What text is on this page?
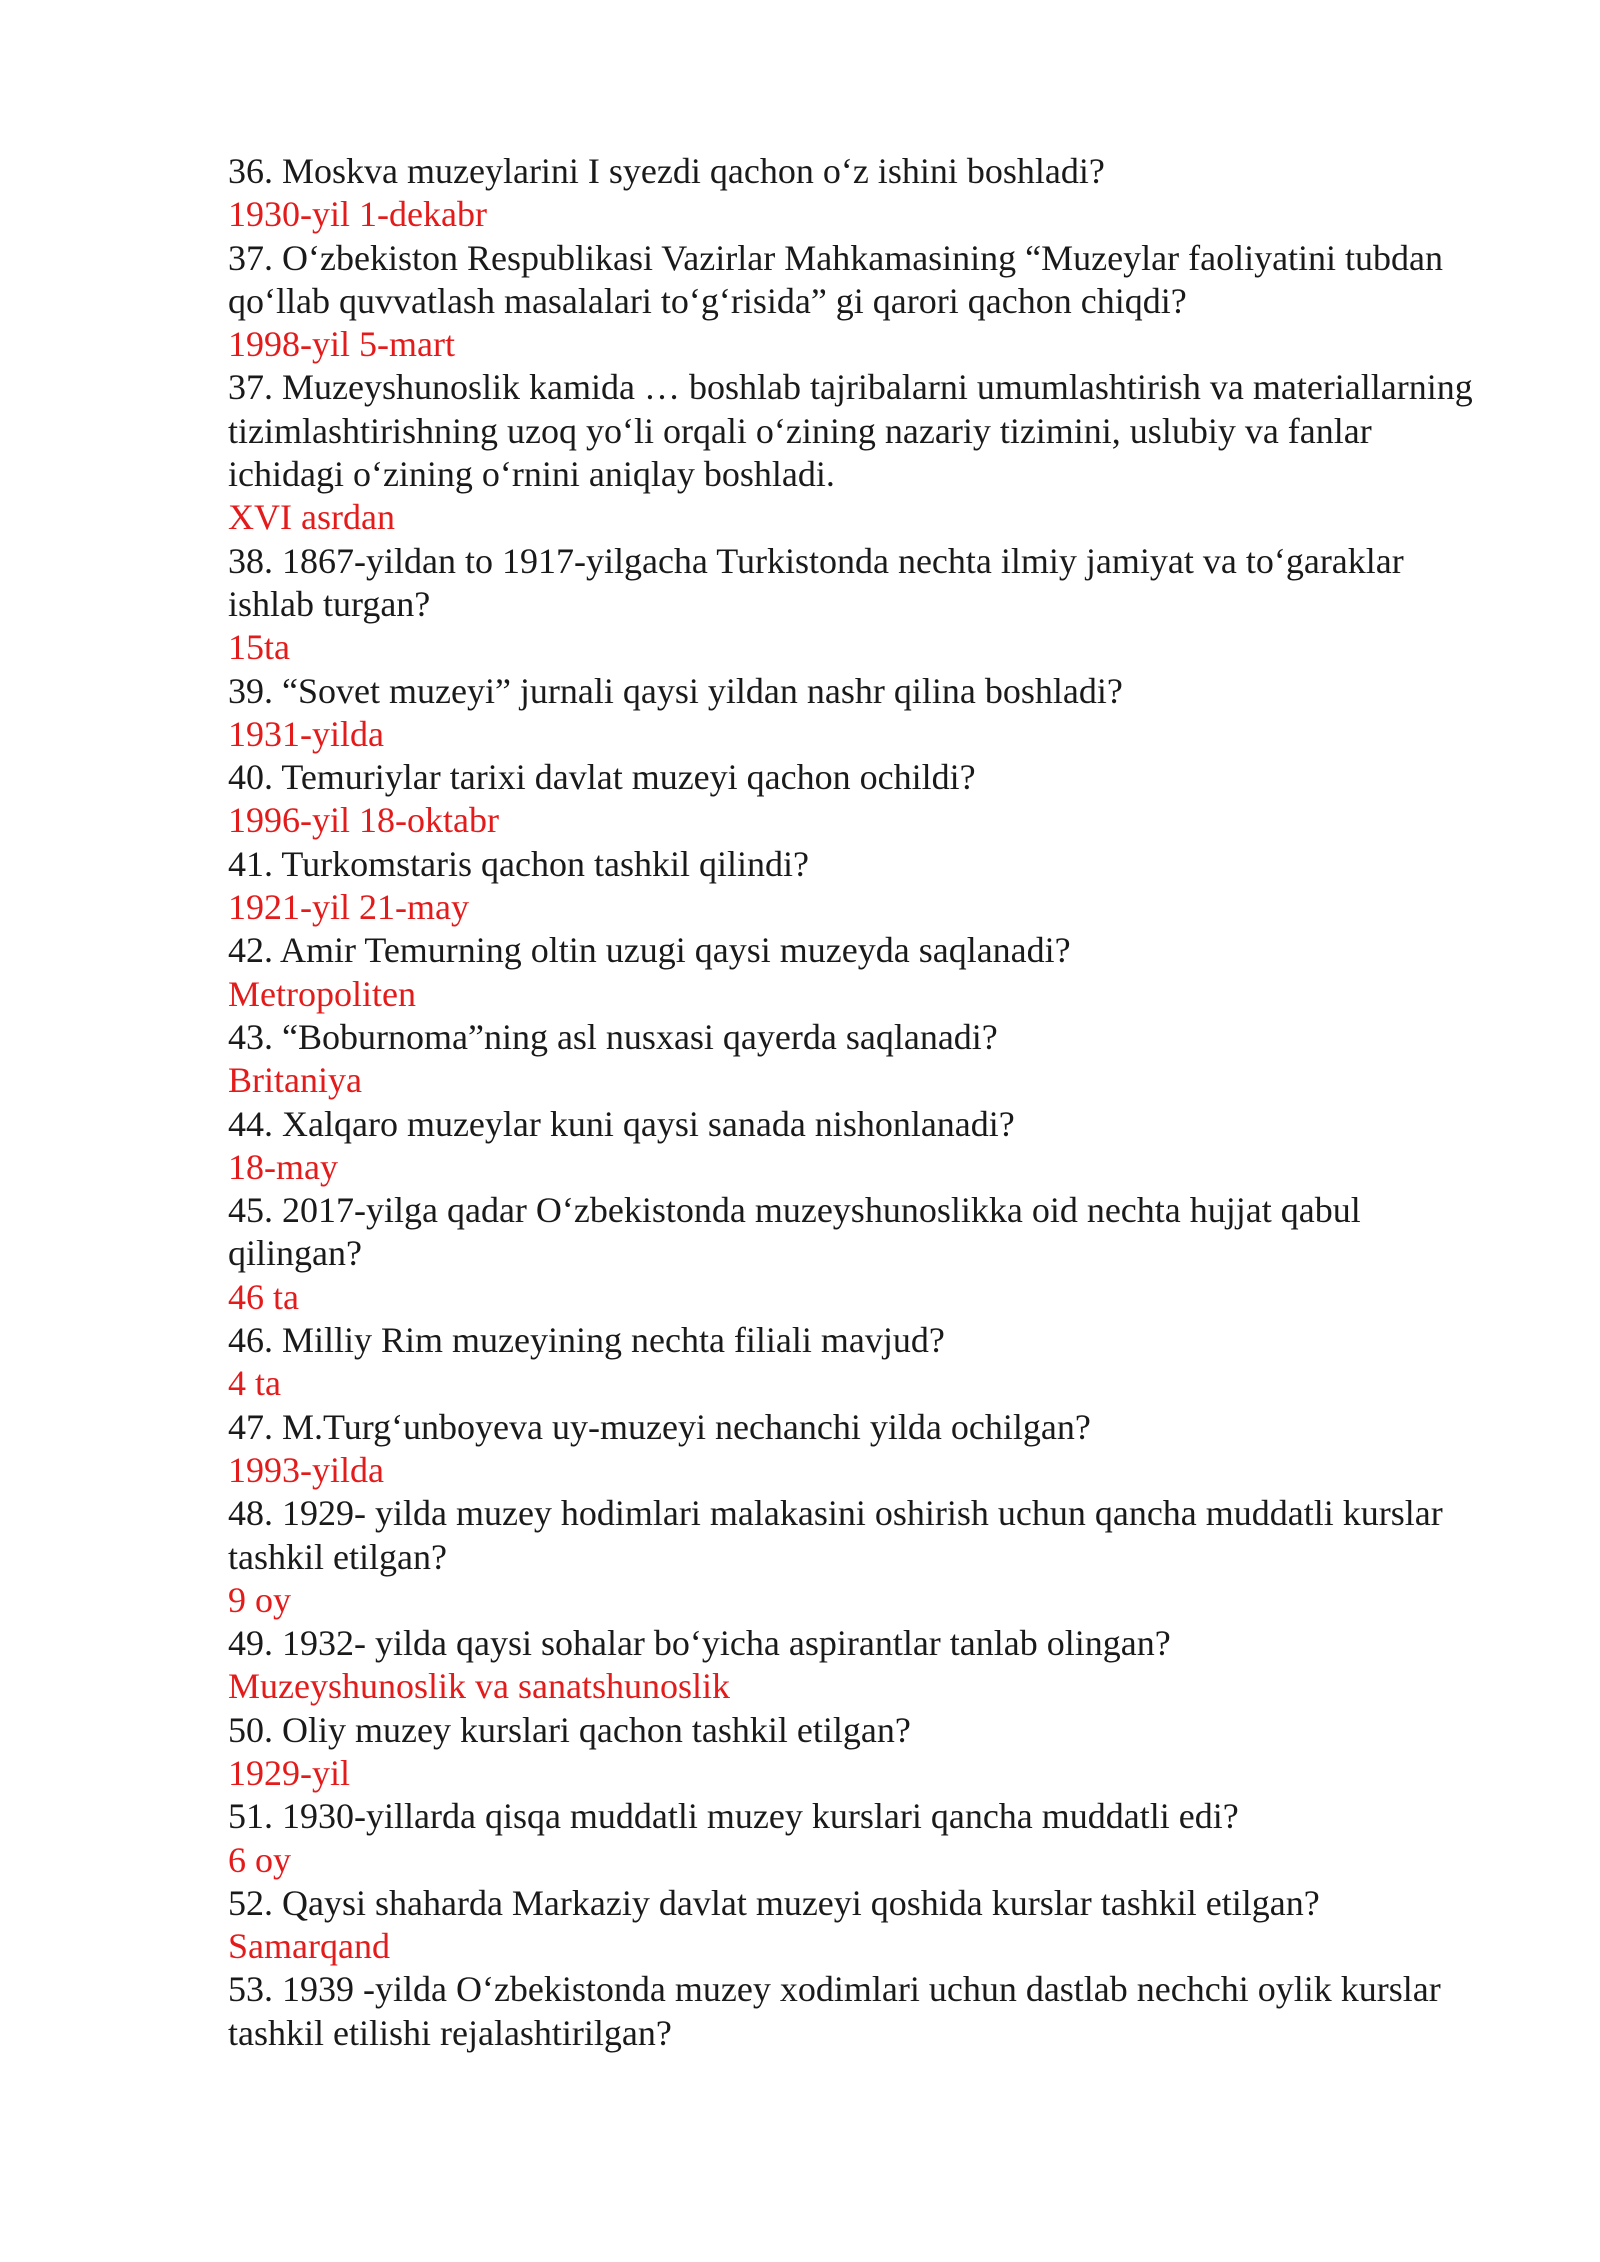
36. Moskva muzeylarini I syezdi qachon oʻz ishini boshladi?
1930-yil 1-dekabr
37. Oʻzbekiston Respublikasi Vazirlar Mahkamasining “Muzeylar faoliyatini tubdan qoʻllab quvvatlash masalalari toʻgʻrisida” gi qarori qachon chiqdi?
1998-yil 5-mart
37. Muzeyshunoslik kamida … boshlab tajribalarni umumlashtirish va materiallarning tizimlashtirishning uzoq yoʻli orqali oʻzining nazariy tizimini, uslubiy va fanlar ichidagi oʻzining oʻrnini aniqlay boshladi.
XVI asrdan
38. 1867-yildan to 1917-yilgacha Turkistonda nechta ilmiy jamiyat va toʻgaraklar ishlab turgan?
15ta
39. “Sovet muzeyi” jurnali qaysi yildan nashr qilina boshladi?
1931-yilda
40. Temuriylar tarixi davlat muzeyi qachon ochildi?
1996-yil 18-oktabr
41. Turkomstaris qachon tashkil qilindi?
1921-yil 21-may
42. Amir Temurning oltin uzugi qaysi muzeyda saqlanadi?
Metropoliten
43. “Boburnoma”ning asl nusxasi qayerda saqlanadi?
Britaniya
44. Xalqaro muzeylar kuni qaysi sanada nishonlanadi?
18-may
45. 2017-yilga qadar Oʻzbekistonda muzeyshunoslikka oid nechta hujjat qabul qilingan?
46 ta
46. Milliy Rim muzeyining nechta filiali mavjud?
4 ta
47. M.Turgʻunboyeva uy-muzeyi nechanchi yilda ochilgan?
1993-yilda
48. 1929- yilda muzey hodimlari malakasini oshirish uchun qancha muddatli kurslar tashkil etilgan?
9 oy
49. 1932- yilda qaysi sohalar boʻyicha aspirantlar tanlab olingan?
Muzeyshunoslik va sanatshunoslik
50. Oliy muzey kurslari qachon tashkil etilgan?
1929-yil
51. 1930-yillarda qisqa muddatli muzey kurslari qancha muddatli edi?
6 oy
52. Qaysi shaharda Markaziy davlat muzeyi qoshida kurslar tashkil etilgan?
Samarqand
53. 1939 -yilda Oʻzbekistonda muzey xodimlari uchun dastlab nechchi oylik kurslar tashkil etilishi rejalashtirilgan?
